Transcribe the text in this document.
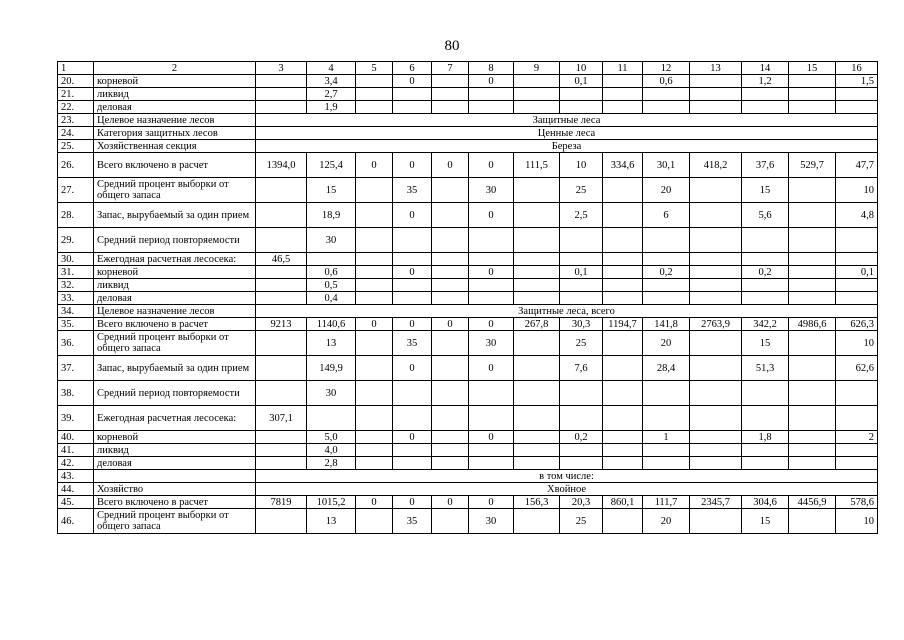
80
1	2	3	4	5	6	7	8	9	10	11	12	13	14	15	16
20.	корневой		3,4		0		0		0,1		0,6		1,2		1,5
21.	ликвид		2,7												
22.	деловая		1,9												
23.	Целевое назначение лесов	Защитные леса													
24.	Категория защитных лесов	Ценные леса													
25.	Хозяйственная секция	Береза													
26.	Всего включено в расчет	1394,0	125,4	0	0	0	0	111,5	10	334,6	30,1	418,2	37,6	529,7	47,7
27.	Средний процент выборки от общего запаса		15		35		30		25		20		15		10
28.	Запас, вырубаемый за один прием		18,9		0		0		2,5		6		5,6		4,8
29.	Средний период повторяемости		30												
30.	Ежегодная расчетная лесосека:	46,5													
31.	корневой		0,6		0		0		0,1		0,2		0,2		0,1
32.	ликвид		0,5												
33.	деловая		0,4												
34.	Целевое назначение лесов	Защитные леса, всего													
35.	Всего включено в расчет	9213	1140,6	0	0	0	0	267,8	30,3	1194,7	141,8	2763,9	342,2	4986,6	626,3
36.	Средний процент выборки от общего запаса		13		35		30		25		20		15		10
37.	Запас, вырубаемый за один прием		149,9		0		0		7,6		28,4		51,3		62,6
38.	Средний период повторяемости		30												
39.	Ежегодная расчетная лесосека:	307,1													
40.	корневой		5,0		0		0		0,2		1		1,8		2
41.	ликвид		4,0												
42.	деловая		2,8												
43.		в том числе:													
44.	Хозяйство	Хвойное													
45.	Всего включено в расчет	7819	1015,2	0	0	0	0	156,3	20,3	860,1	111,7	2345,7	304,6	4456,9	578,6
46.	Средний процент выборки от общего запаса		13		35		30		25		20		15		10
